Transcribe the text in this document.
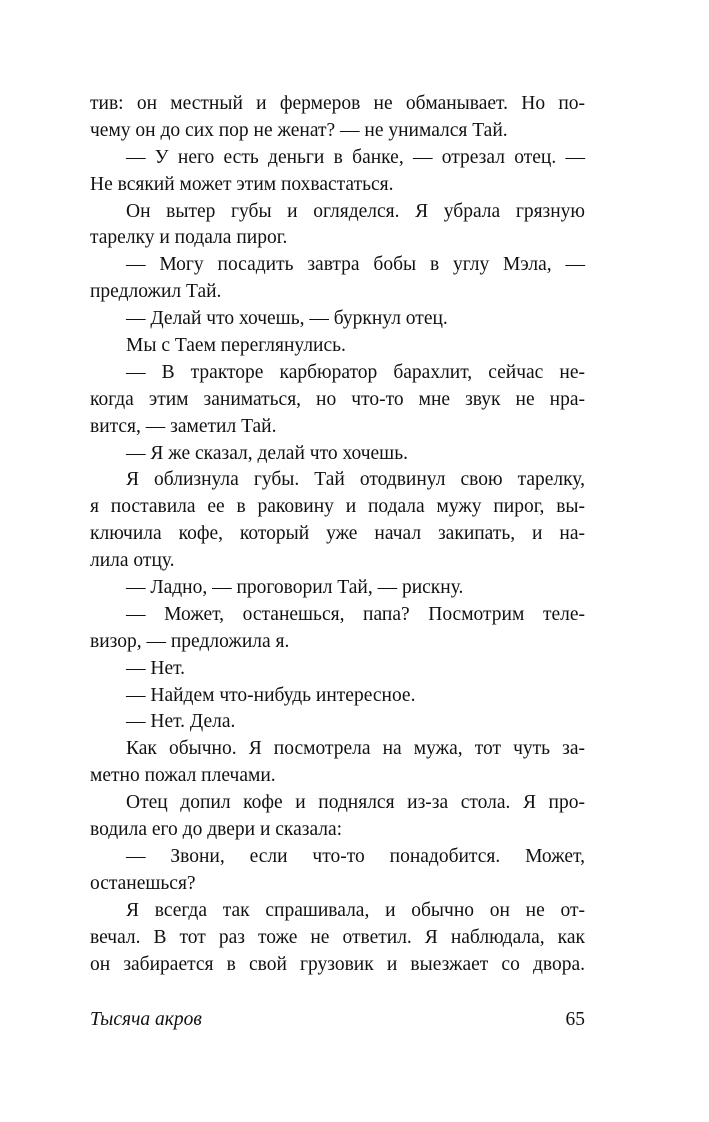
тив: он местный и фермеров не обманывает. Но по-
чему он до сих пор не женат? — не унимался Тай.
— У него есть деньги в банке, — отрезал отец. —
Не всякий может этим похвастаться.
Он вытер губы и огляделся. Я убрала грязную
тарелку и подала пирог.
— Могу посадить завтра бобы в углу Мэла, —
предложил Тай.
— Делай что хочешь, — буркнул отец.
Мы с Таем переглянулись.
— В тракторе карбюратор барахлит, сейчас не-
когда этим заниматься, но что-то мне звук не нра-
вится, — заметил Тай.
— Я же сказал, делай что хочешь.
Я облизнула губы. Тай отодвинул свою тарелку,
я поставила ее в раковину и подала мужу пирог, вы-
ключила кофе, который уже начал закипать, и на-
лила отцу.
— Ладно, — проговорил Тай, — рискну.
— Может, останешься, папа? Посмотрим теле-
визор, — предложила я.
— Нет.
— Найдем что-нибудь интересное.
— Нет. Дела.
Как обычно. Я посмотрела на мужа, тот чуть за-
метно пожал плечами.
Отец допил кофе и поднялся из-за стола. Я про-
водила его до двери и сказала:
— Звони, если что-то понадобится. Может,
останешься?
Я всегда так спрашивала, и обычно он не от-
вечал. В тот раз тоже не ответил. Я наблюдала, как
он забирается в свой грузовик и выезжает со двора.
Тысяча акров	65
